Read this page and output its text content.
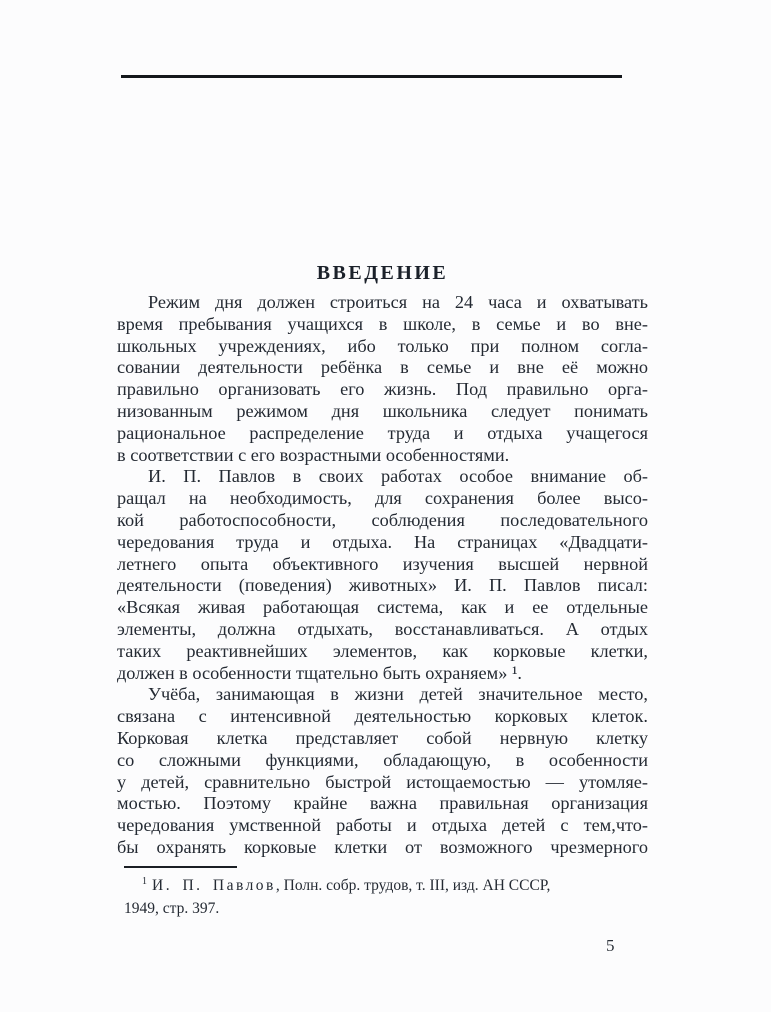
ВВЕДЕНИЕ
Режим дня должен строиться на 24 часа и охватывать
время пребывания учащихся в школе, в семье и во вне-
школьных учреждениях, ибо только при полном согла-
совании деятельности ребёнка в семье и вне её можно
правильно организовать его жизнь. Под правильно орга-
низованным режимом дня школьника следует понимать
рациональное распределение труда и отдыха учащегося
в соответствии с его возрастными особенностями.
И. П. Павлов в своих работах особое внимание об-
ращал на необходимость, для сохранения более высо-
кой работоспособности, соблюдения последовательного
чередования труда и отдыха. На страницах «Двадцати-
летнего опыта объективного изучения высшей нервной
деятельности (поведения) животных» И. П. Павлов писал:
«Всякая живая работающая система, как и ее отдельные
элементы, должна отдыхать, восстанавливаться. А отдых
таких реактивнейших элементов, как корковые клетки,
должен в особенности тщательно быть охраняем» ¹.
Учёба, занимающая в жизни детей значительное место,
связана с интенсивной деятельностью корковых клеток.
Корковая клетка представляет собой нервную клетку
со сложными функциями, обладающую, в особенности
у детей, сравнительно быстрой истощаемостью — утомляе-
мостью. Поэтому крайне важна правильная организация
чередования умственной работы и отдыха детей с тем,что-
бы охранять корковые клетки от возможного чрезмерного
$^1$ И. П. Павлов, Полн. собр. трудов, т. III, изд. АН СССР,
1949, стр. 397.
5
